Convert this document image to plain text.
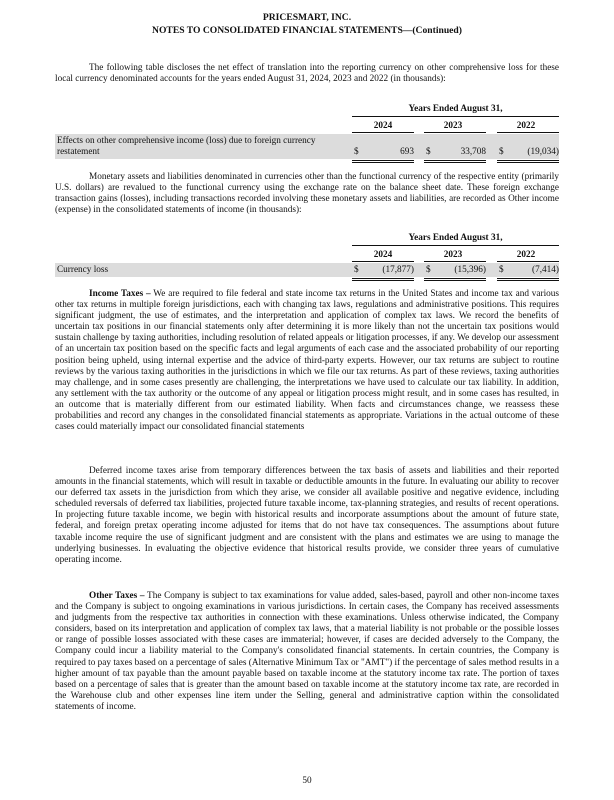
PRICESMART, INC.
NOTES TO CONSOLIDATED FINANCIAL STATEMENTS—(Continued)

The following table discloses the net effect of translation into the reporting currency on other comprehensive loss for these local currency denominated accounts for the years ended August 31, 2024, 2023 and 2022 (in thousands):

Years Ended August 31,
2024	2023	2022
Effects on other comprehensive income (loss) due to foreign currency
restatement	$	693 $	33,708 $	(19,034)

Monetary assets and liabilities denominated in currencies other than the functional currency of the respective entity (primarily U.S. dollars) are revalued to the functional currency using the exchange rate on the balance sheet date. These foreign exchange transaction gains (losses), including transactions recorded involving these monetary assets and liabilities, are recorded as Other income (expense) in the consolidated statements of income (in thousands):

Years Ended August 31,
2024	2023	2022
Currency loss	$	(17,877) $	(15,396) $	(7,414)

Income Taxes – We are required to file federal and state income tax returns in the United States and income tax and various other tax returns in multiple foreign jurisdictions, each with changing tax laws, regulations and administrative positions. This requires significant judgment, the use of estimates, and the interpretation and application of complex tax laws. We record the benefits of uncertain tax positions in our financial statements only after determining it is more likely than not the uncertain tax positions would sustain challenge by taxing authorities, including resolution of related appeals or litigation processes, if any. We develop our assessment of an uncertain tax position based on the specific facts and legal arguments of each case and the associated probability of our reporting position being upheld, using internal expertise and the advice of third-party experts. However, our tax returns are subject to routine reviews by the various taxing authorities in the jurisdictions in which we file our tax returns. As part of these reviews, taxing authorities may challenge, and in some cases presently are challenging, the interpretations we have used to calculate our tax liability. In addition, any settlement with the tax authority or the outcome of any appeal or litigation process might result, and in some cases has resulted, in an outcome that is materially different from our estimated liability. When facts and circumstances change, we reassess these probabilities and record any changes in the consolidated financial statements as appropriate. Variations in the actual outcome of these cases could materially impact our consolidated financial statements

Deferred income taxes arise from temporary differences between the tax basis of assets and liabilities and their reported amounts in the financial statements, which will result in taxable or deductible amounts in the future. In evaluating our ability to recover our deferred tax assets in the jurisdiction from which they arise, we consider all available positive and negative evidence, including scheduled reversals of deferred tax liabilities, projected future taxable income, tax-planning strategies, and results of recent operations. In projecting future taxable income, we begin with historical results and incorporate assumptions about the amount of future state, federal, and foreign pretax operating income adjusted for items that do not have tax consequences. The assumptions about future taxable income require the use of significant judgment and are consistent with the plans and estimates we are using to manage the underlying businesses. In evaluating the objective evidence that historical results provide, we consider three years of cumulative operating income.

Other Taxes – The Company is subject to tax examinations for value added, sales-based, payroll and other non-income taxes and the Company is subject to ongoing examinations in various jurisdictions. In certain cases, the Company has received assessments and judgments from the respective tax authorities in connection with these examinations. Unless otherwise indicated, the Company considers, based on its interpretation and application of complex tax laws, that a material liability is not probable or the possible losses or range of possible losses associated with these cases are immaterial; however, if cases are decided adversely to the Company, the Company could incur a liability material to the Company's consolidated financial statements. In certain countries, the Company is required to pay taxes based on a percentage of sales (Alternative Minimum Tax or "AMT") if the percentage of sales method results in a higher amount of tax payable than the amount payable based on taxable income at the statutory income tax rate. The portion of taxes based on a percentage of sales that is greater than the amount based on taxable income at the statutory income tax rate, are recorded in the Warehouse club and other expenses line item under the Selling, general and administrative caption within the consolidated statements of income.

50
